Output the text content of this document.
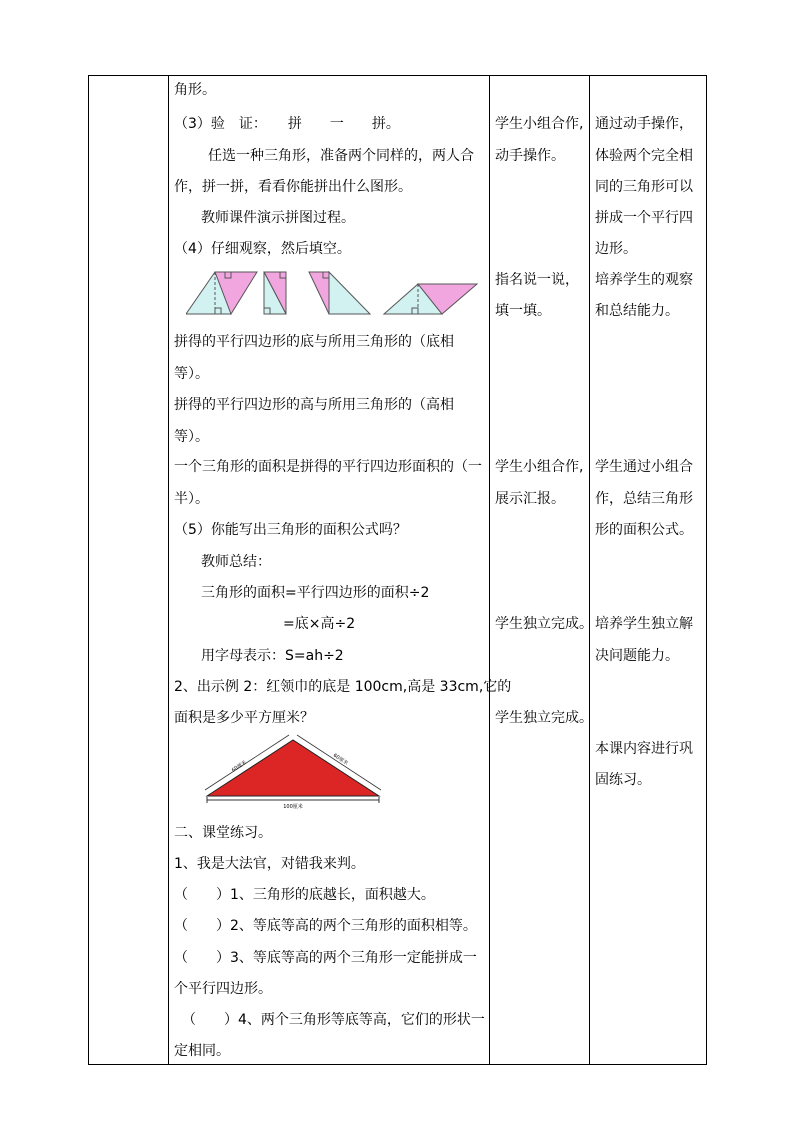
角形。
（3）验　证：　　拼　　一　　拼。
任选一种三角形，准备两个同样的，两人合
作，拼一拼，看看你能拼出什么图形。
教师课件演示拼图过程。
（4）仔细观察，然后填空。
拼得的平行四边形的底与所用三角形的（底相
等）。
拼得的平行四边形的高与所用三角形的（高相
等）。
一个三角形的面积是拼得的平行四边形面积的（一
半）。
（5）你能写出三角形的面积公式吗？
教师总结：
三角形的面积=平行四边形的面积÷2
=底×高÷2
用字母表示：S=ah÷2
2、出示例 2：红领巾的底是 100cm,高是 33cm,它的
面积是多少平方厘米？
60厘米
60厘米
100厘米
二、课堂练习。
1、我是大法官，对错我来判。
（　　）1、三角形的底越长，面积越大。
（　　）2、等底等高的两个三角形的面积相等。
（　　）3、等底等高的两个三角形一定能拼成一
个平行四边形。
（　　）4、两个三角形等底等高，它们的形状一
定相同。
学生小组合作,
动手操作。
指名说一说，
填一填。
学生小组合作,
展示汇报。
学生独立完成。
学生独立完成。
通过动手操作，
体验两个完全相
同的三角形可以
拼成一个平行四
边形。
培养学生的观察
和总结能力。
学生通过小组合
作，总结三角形
形的面积公式。
培养学生独立解
决问题能力。
本课内容进行巩
固练习。
